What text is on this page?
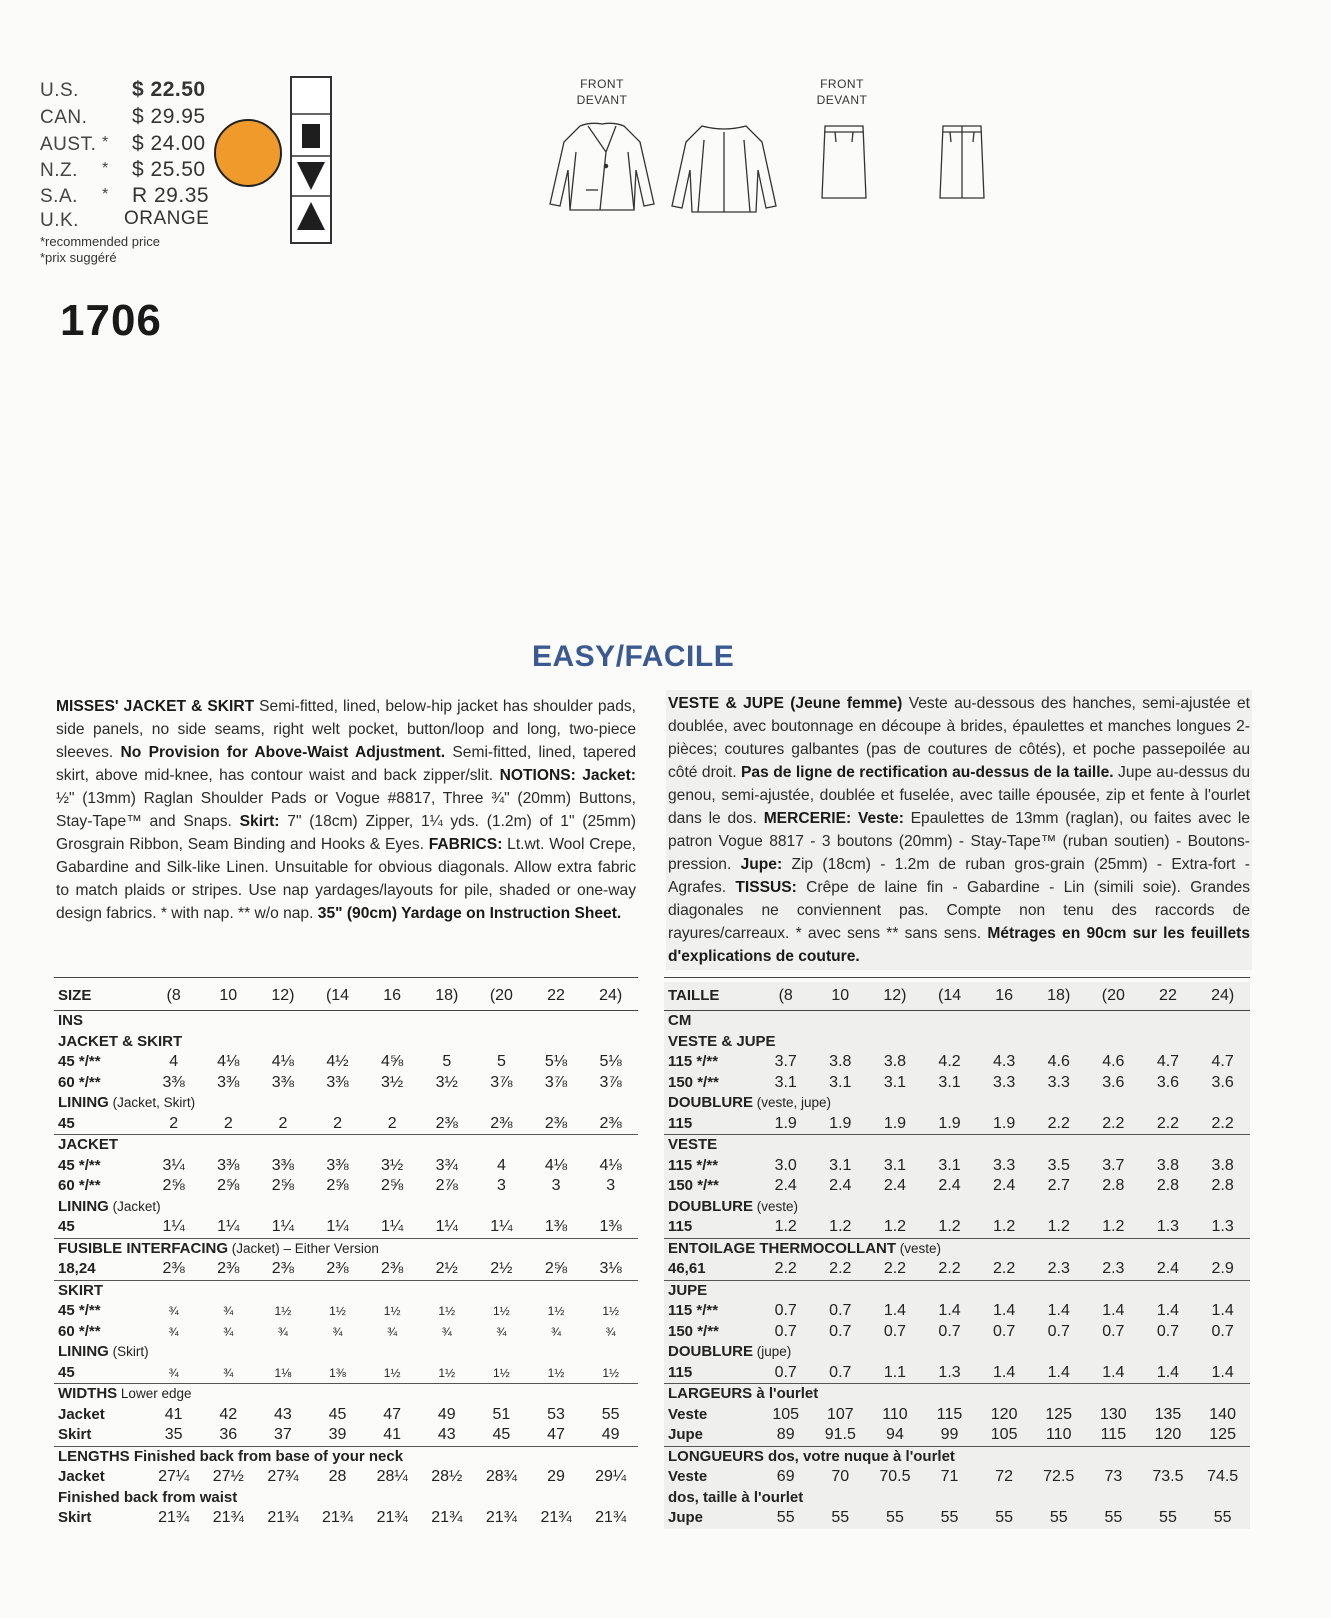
U.S.	$ 22.50
CAN. $ 29.95
AUST. * $ 24.00
N.Z. * $ 25.50
S.A. * R 29.35
U.K. ORANGE
*recommended price
*prix suggéré
1706
FRONT
DEVANT
FRONT
DEVANT
EASY/FACILE
MISSES' JACKET & SKIRT Semi-fitted, lined, below-hip jacket has shoulder pads, side panels, no side seams, right welt pocket, button/loop and long, two-piece sleeves. No Provision for Above-Waist Adjustment. Semi-fitted, lined, tapered skirt, above mid-knee, has contour waist and back zipper/slit. NOTIONS: Jacket: ½" (13mm) Raglan Shoulder Pads or Vogue #8817, Three ¾" (20mm) Buttons, Stay-Tape™ and Snaps. Skirt: 7" (18cm) Zipper, 1¼ yds. (1.2m) of 1" (25mm) Grosgrain Ribbon, Seam Binding and Hooks & Eyes. FABRICS: Lt.wt. Wool Crepe, Gabardine and Silk-like Linen. Unsuitable for obvious diagonals. Allow extra fabric to match plaids or stripes. Use nap yardages/layouts for pile, shaded or one-way design fabrics. * with nap. ** w/o nap. 35" (90cm) Yardage on Instruction Sheet.
VESTE & JUPE (Jeune femme) Veste au-dessous des hanches, semi-ajustée et doublée, avec boutonnage en découpe à brides, épaulettes et manches longues 2-pièces; coutures galbantes (pas de coutures de côtés), et poche passepoilée au côté droit. Pas de ligne de rectification au-dessus de la taille. Jupe au-dessus du genou, semi-ajustée, doublée et fuselée, avec taille épousée, zip et fente à l'ourlet dans le dos. MERCERIE: Veste: Epaulettes de 13mm (raglan), ou faites avec le patron Vogue 8817 - 3 boutons (20mm) - Stay-Tape™ (ruban soutien) - Boutons-pression. Jupe: Zip (18cm) - 1.2m de ruban gros-grain (25mm) - Extra-fort - Agrafes. TISSUS: Crêpe de laine fin - Gabardine - Lin (simili soie). Grandes diagonales ne conviennent pas. Compte non tenu des raccords de rayures/carreaux. * avec sens ** sans sens. Métrages en 90cm sur les feuillets d'explications de couture.
SIZE	(8	10	12)	(14	16	18)	(20	22	24)
INS									
JACKET & SKIRT									
45 */**	4	4⅛	4⅛	4½	4⅝	5	5	5⅛	5⅛
60 */**	3⅜	3⅜	3⅜	3⅜	3½	3½	3⅞	3⅞	3⅞
LINING (Jacket, Skirt)									
45	2	2	2	2	2	2⅜	2⅜	2⅜	2⅜
JACKET									
45 */**	3¼	3⅜	3⅜	3⅜	3½	3¾	4	4⅛	4⅛
60 */**	2⅝	2⅝	2⅝	2⅝	2⅝	2⅞	3	3	3
LINING (Jacket)									
45	1¼	1¼	1¼	1¼	1¼	1¼	1¼	1⅜	1⅜
FUSIBLE INTERFACING (Jacket) – Either Version									
18,24	2⅜	2⅜	2⅜	2⅜	2⅜	2½	2½	2⅝	3⅛
SKIRT									
45 */**	¾	¾	1½	1½	1½	1½	1½	1½	1½
60 */**	¾	¾	¾	¾	¾	¾	¾	¾	¾
LINING (Skirt)									
45	¾	¾	1⅛	1⅜	1½	1½	1½	1½	1½
WIDTHS Lower edge									
Jacket	41	42	43	45	47	49	51	53	55
Skirt	35	36	37	39	41	43	45	47	49
LENGTHS Finished back from base of your neck									
Jacket	27¼	27½	27¾	28	28¼	28½	28¾	29	29¼
Finished back from waist									
Skirt	21¾	21¾	21¾	21¾	21¾	21¾	21¾	21¾	21¾
TAILLE	(8	10	12)	(14	16	18)	(20	22	24)
CM									
VESTE & JUPE									
115 */**	3.7	3.8	3.8	4.2	4.3	4.6	4.6	4.7	4.7
150 */**	3.1	3.1	3.1	3.1	3.3	3.3	3.6	3.6	3.6
DOUBLURE (veste, jupe)									
115	1.9	1.9	1.9	1.9	1.9	2.2	2.2	2.2	2.2
VESTE									
115 */**	3.0	3.1	3.1	3.1	3.3	3.5	3.7	3.8	3.8
150 */**	2.4	2.4	2.4	2.4	2.4	2.7	2.8	2.8	2.8
DOUBLURE (veste)									
115	1.2	1.2	1.2	1.2	1.2	1.2	1.2	1.3	1.3
ENTOILAGE THERMOCOLLANT (veste)									
46,61	2.2	2.2	2.2	2.2	2.2	2.3	2.3	2.4	2.9
JUPE									
115 */**	0.7	0.7	1.4	1.4	1.4	1.4	1.4	1.4	1.4
150 */**	0.7	0.7	0.7	0.7	0.7	0.7	0.7	0.7	0.7
DOUBLURE (jupe)									
115	0.7	0.7	1.1	1.3	1.4	1.4	1.4	1.4	1.4
LARGEURS à l'ourlet									
Veste	105	107	110	115	120	125	130	135	140
Jupe	89	91.5	94	99	105	110	115	120	125
LONGUEURS dos, votre nuque à l'ourlet									
Veste	69	70	70.5	71	72	72.5	73	73.5	74.5
dos, taille à l'ourlet									
Jupe	55	55	55	55	55	55	55	55	55
